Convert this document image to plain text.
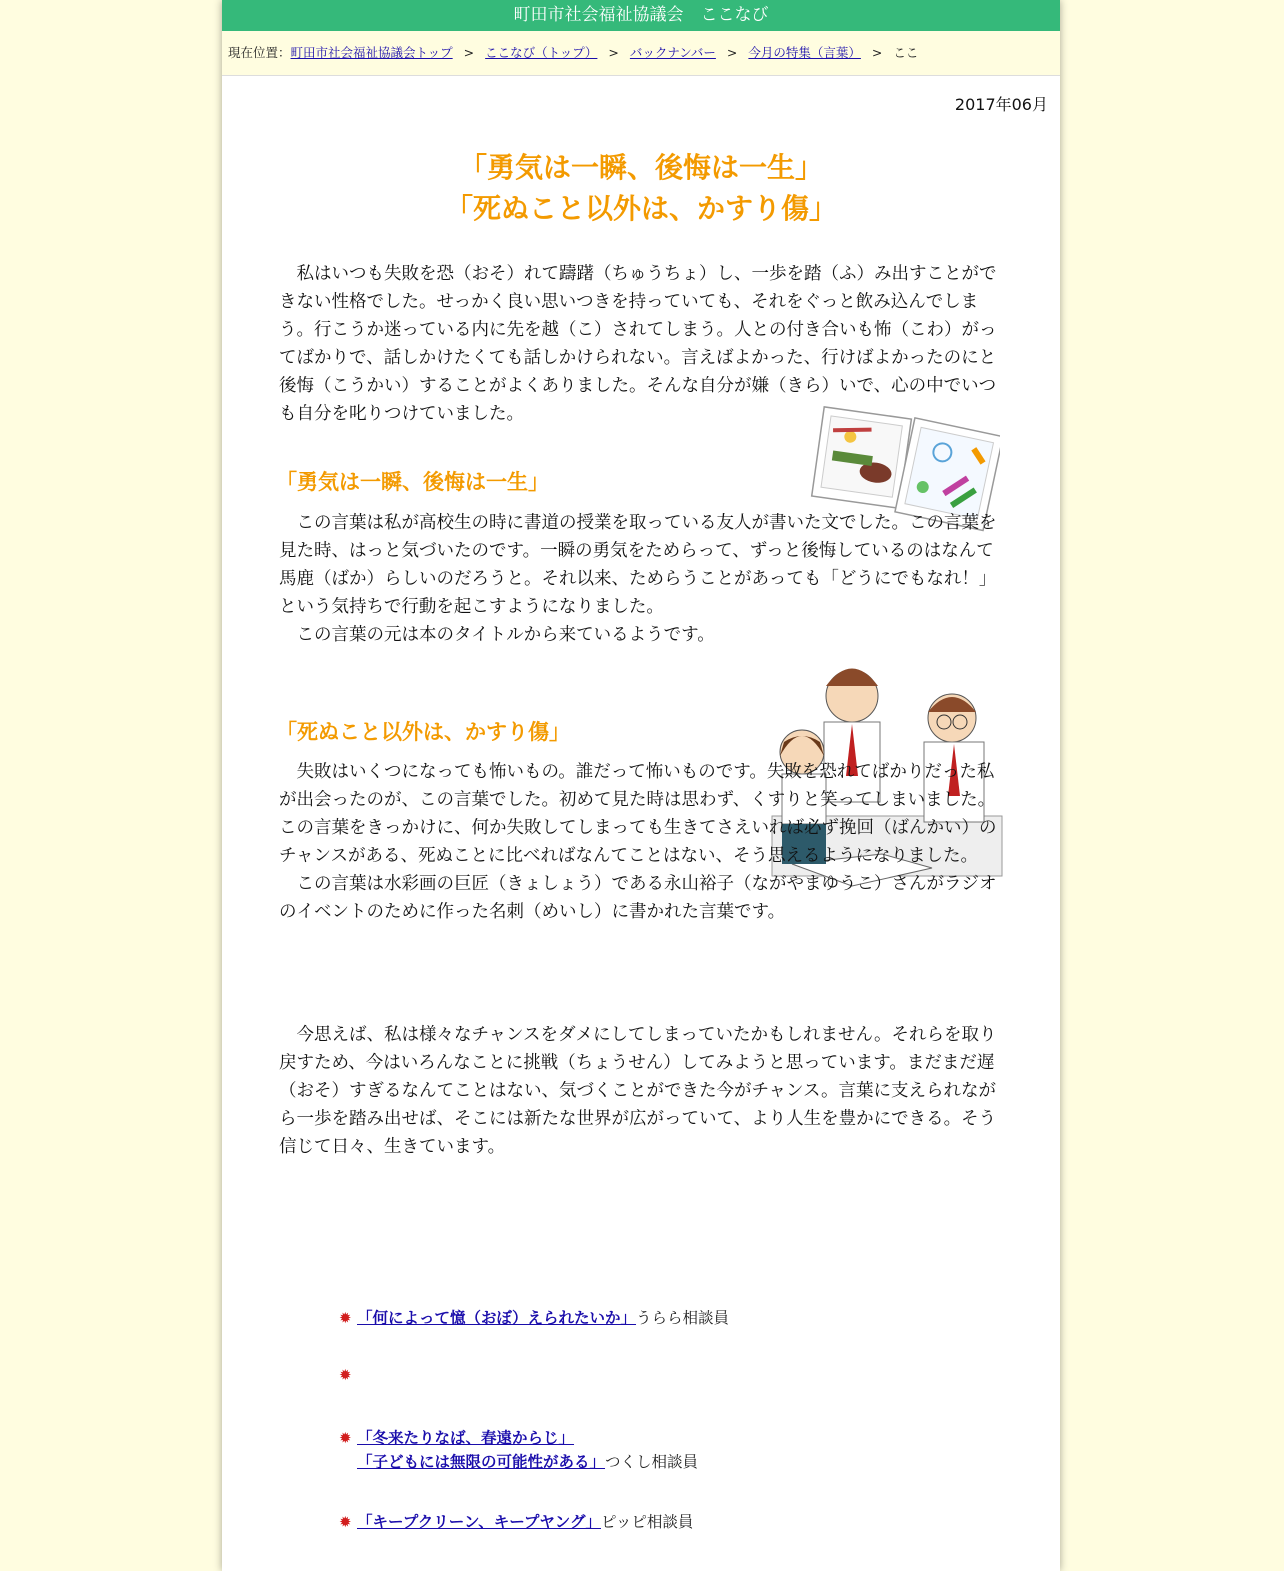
町田市社会福祉協議会　ここなび
現在位置：町田市社会福祉協議会トップ > ここなび（トップ） > バックナンバー > 今月の特集（言葉） > ここ
2017年06月
「勇気は一瞬、後悔は一生」
「死ぬこと以外は、かすり傷」

私はいつも失敗を恐（おそ）れて躊躇（ちゅうちょ）し、一歩を踏（ふ）み出すことができない性格でした。せっかく良い思いつきを持っていても、それをぐっと飲み込んでしまう。行こうか迷っている内に先を越（こ）されてしまう。人との付き合いも怖（こわ）がってばかりで、話しかけたくても話しかけられない。言えばよかった、行けばよかったのにと後悔（こうかい）することがよくありました。そんな自分が嫌（きら）いで、心の中でいつも自分を叱りつけていました。

「勇気は一瞬、後悔は一生」

この言葉は私が高校生の時に書道の授業を取っている友人が書いた文でした。この言葉を見た時、はっと気づいたのです。一瞬の勇気をためらって、ずっと後悔しているのはなんて馬鹿（ばか）らしいのだろうと。それ以来、ためらうことがあっても「どうにでもなれ！」という気持ちで行動を起こすようになりました。

この言葉の元は本のタイトルから来ているようです。

「死ぬこと以外は、かすり傷」

失敗はいくつになっても怖いもの。誰だって怖いものです。失敗を恐れてばかりだった私が出会ったのが、この言葉でした。初めて見た時は思わず、くすりと笑ってしまいました。この言葉をきっかけに、何か失敗してしまっても生きてさえいれば必ず挽回（ばんかい）のチャンスがある、死ぬことに比べればなんてことはない、そう思えるようになりました。

この言葉は水彩画の巨匠（きょしょう）である永山裕子（ながやまゆうこ）さんがラジオのイベントのために作った名刺（めいし）に書かれた言葉です。

今思えば、私は様々なチャンスをダメにしてしまっていたかもしれません。それらを取り戻すため、今はいろんなことに挑戦（ちょうせん）してみようと思っています。まだまだ遅（おそ）すぎるなんてことはない、気づくことができた今がチャンス。言葉に支えられながら一歩を踏み出せば、そこには新たな世界が広がっていて、より人生を豊かにできる。そう信じて日々、生きています。

✹ 「何によって憶（おぼ）えられたいか」うらら相談員
✹
✹ 「冬来たりなば、春遠からじ」
「子どもには無限の可能性がある」つくし相談員
✹ 「キープクリーン、キープヤング」ピッピ相談員
